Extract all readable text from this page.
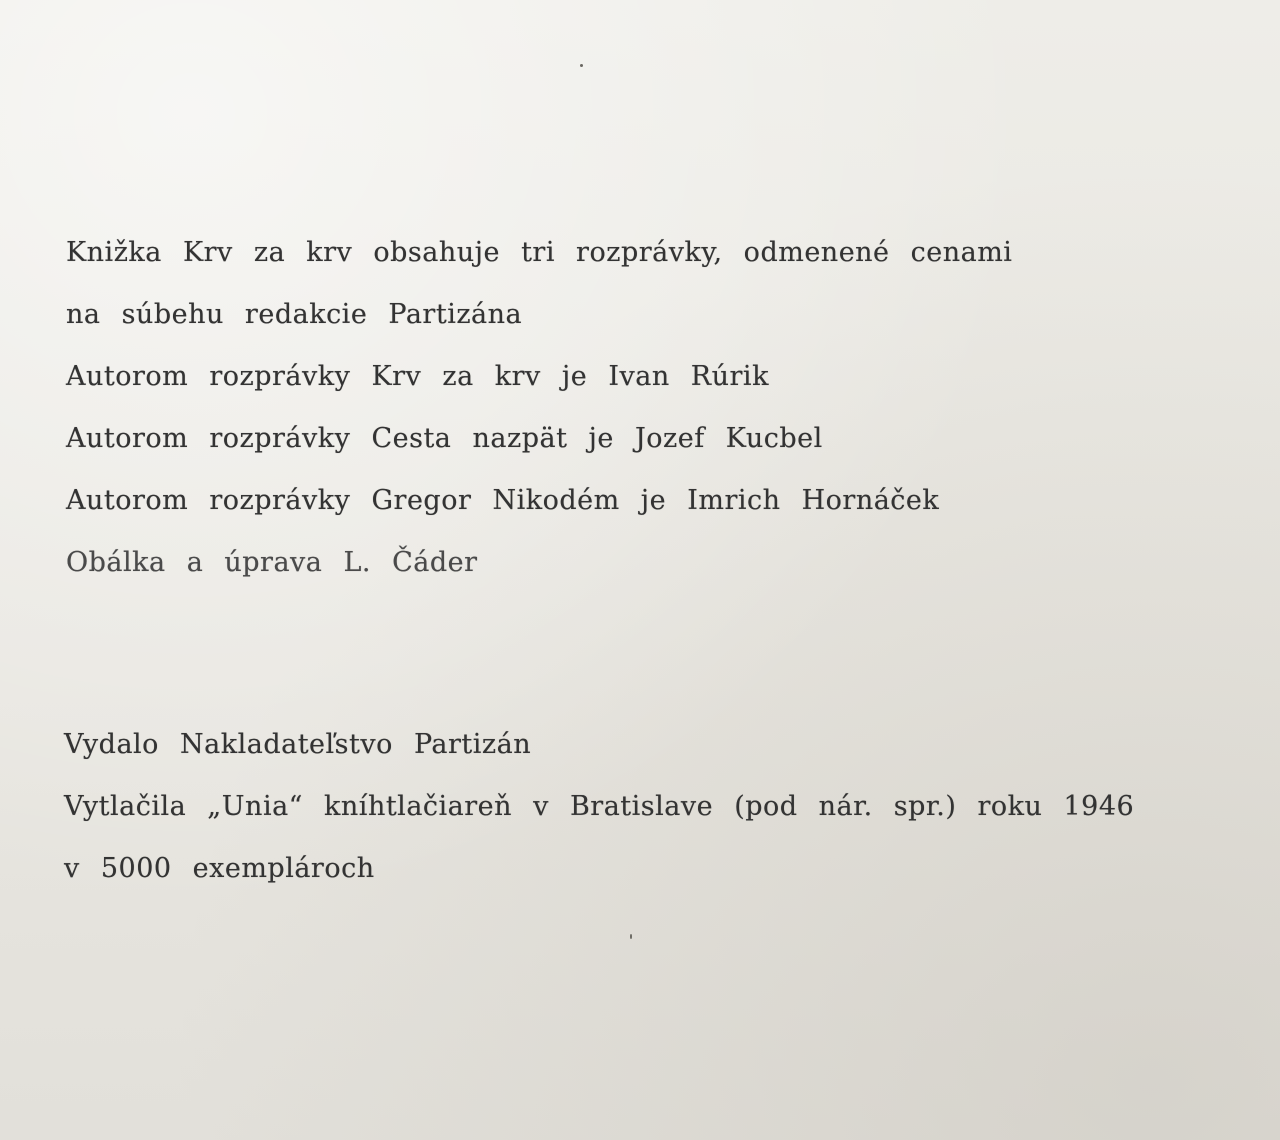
Knižka Krv za krv obsahuje tri rozprávky, odmenené cenami
na súbehu redakcie Partizána
Autorom rozprávky Krv za krv je Ivan Rúrik
Autorom rozprávky Cesta nazpät je Jozef Kucbel
Autorom rozprávky Gregor Nikodém je Imrich Hornáček
Obálka a úprava L. Čáder
Vydalo Nakladateľstvo Partizán
Vytlačila „Unia“ kníhtlačiareň v Bratislave (pod nár. spr.) roku 1946
v 5000 exemplároch
